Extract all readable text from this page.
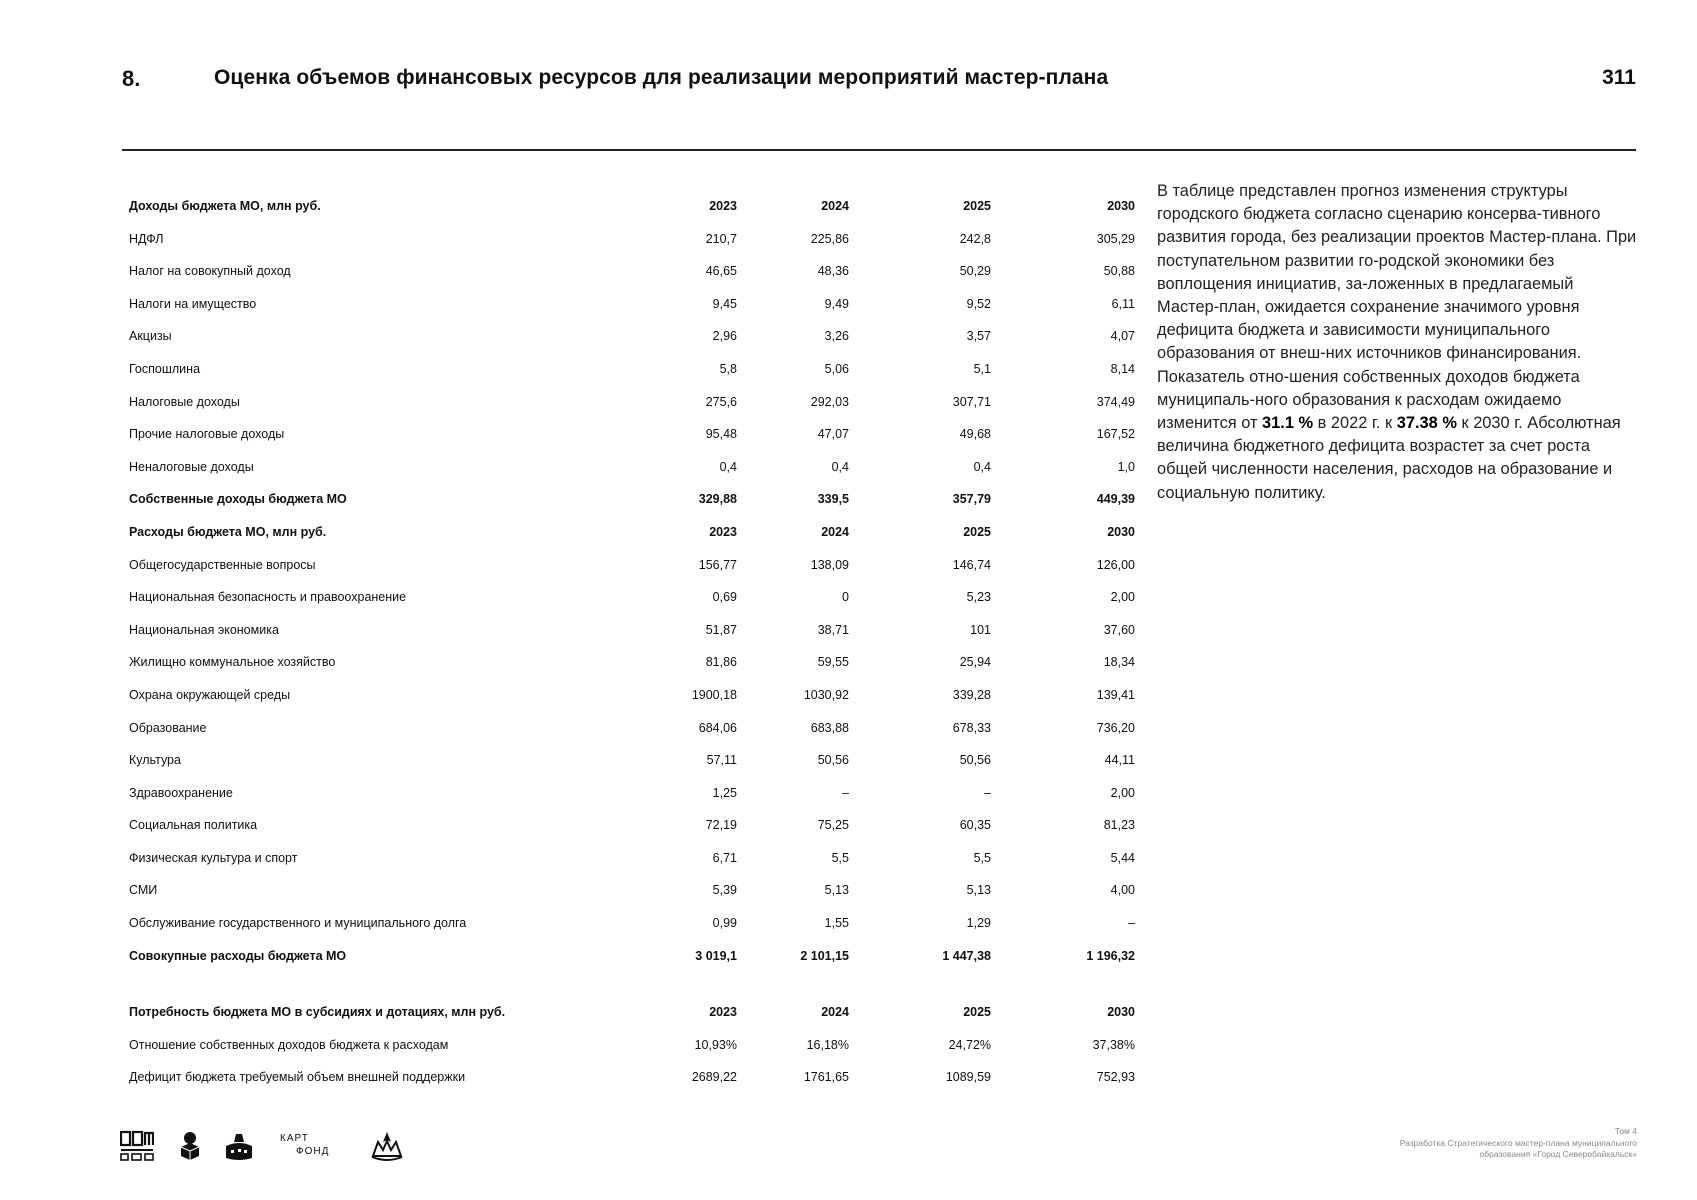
8.	Оценка объемов финансовых ресурсов для реализации мероприятий мастер-плана	311
Доходы бюджета МО, млн руб.	2023	2024	2025	2030
НДФЛ	210,7	225,86	242,8	305,29
Налог на совокупный доход	46,65	48,36	50,29	50,88
Налоги на имущество	9,45	9,49	9,52	6,11
Акцизы	2,96	3,26	3,57	4,07
Госпошлина	5,8	5,06	5,1	8,14
Налоговые доходы	275,6	292,03	307,71	374,49
Прочие налоговые доходы	95,48	47,07	49,68	167,52
Неналоговые доходы	0,4	0,4	0,4	1,0
Собственные доходы бюджета МО	329,88	339,5	357,79	449,39
Расходы бюджета МО, млн руб.	2023	2024	2025	2030
Общегосударственные вопросы	156,77	138,09	146,74	126,00
Национальная безопасность и правоохранение	0,69	0	5,23	2,00
Национальная экономика	51,87	38,71	101	37,60
Жилищно коммунальное хозяйство	81,86	59,55	25,94	18,34
Охрана окружающей среды	1900,18	1030,92	339,28	139,41
Образование	684,06	683,88	678,33	736,20
Культура	57,11	50,56	50,56	44,11
Здравоохранение	1,25	–	–	2,00
Социальная политика	72,19	75,25	60,35	81,23
Физическая культура и спорт	6,71	5,5	5,5	5,44
СМИ	5,39	5,13	5,13	4,00
Обслуживание государственного и муниципального долга	0,99	1,55	1,29	–
Совокупные расходы бюджета МО	3 019,1	2 101,15	1 447,38	1 196,32
Потребность бюджета МО в субсидиях и дотациях, млн руб.	2023	2024	2025	2030
Отношение собственных доходов бюджета к расходам	10,93%	16,18%	24,72%	37,38%
Дефицит бюджета требуемый объем внешней поддержки	2689,22	1761,65	1089,59	752,93
В таблице представлен прогноз изменения структуры городского бюджета согласно сценарию консерва-тивного развития города, без реализации проектов Мастер-плана. При поступательном развитии го-родской экономики без воплощения инициатив, за-ложенных в предлагаемый Мастер-план, ожидается сохранение значимого уровня дефицита бюджета и зависимости муниципального образования от внеш-них источников финансирования. Показатель отно-шения собственных доходов бюджета муниципаль-ного образования к расходам ожидаемо изменится от 31.1 % в 2022 г. к 37.38 % к 2030 г. Абсолютная величина бюджетного дефицита возрастет за счет роста общей численности населения, расходов на образование и социальную политику.
КАРТ
ФОНД
Том 4
Разработка Стратегического мастер-плана муниципального
образования «Город Северобайкальск»
